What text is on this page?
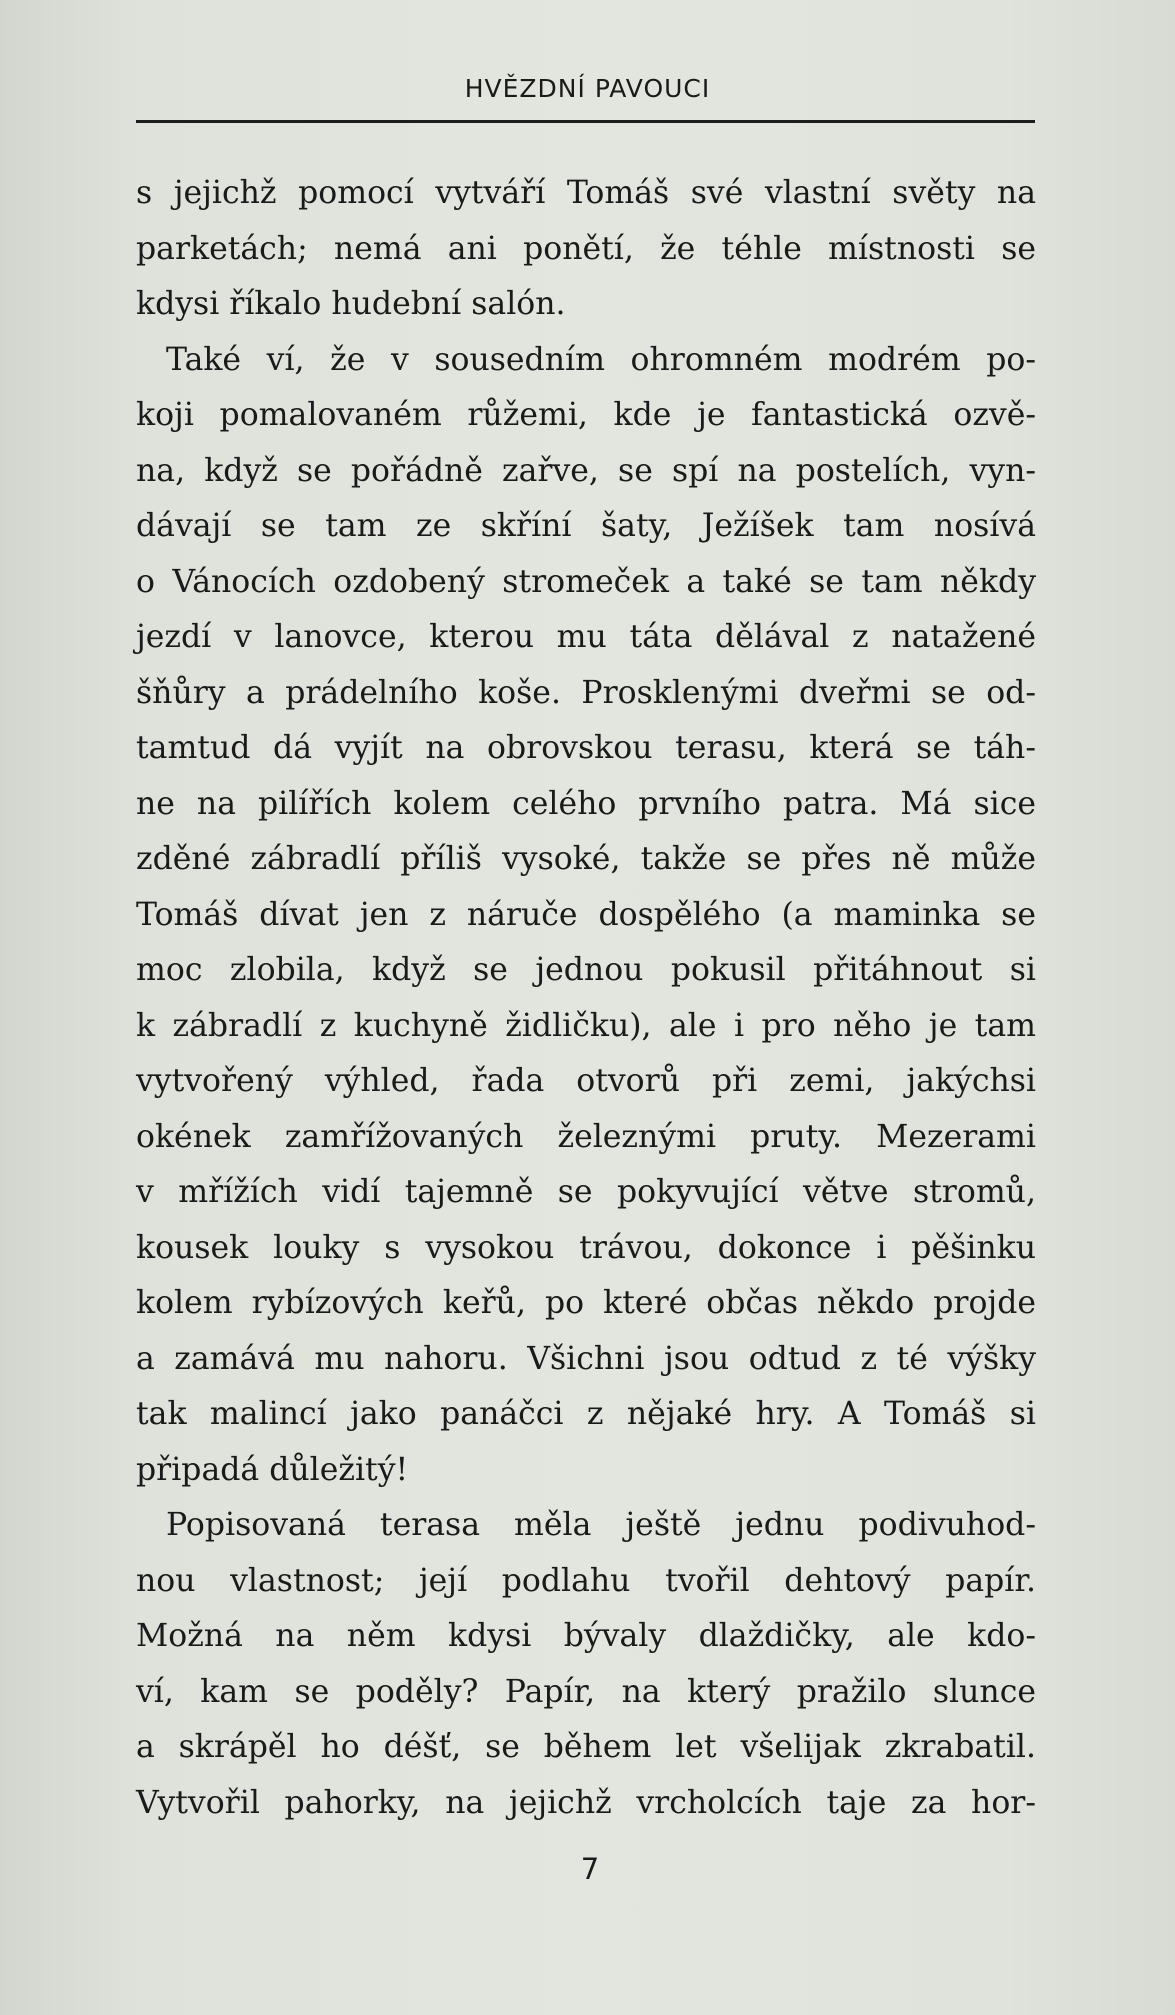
HVĚZDNÍ PAVOUCI

s jejichž pomocí vytváří Tomáš své vlastní světy na
parketách; nemá ani ponětí, že téhle místnosti se
kdysi říkalo hudební salón.

Také ví, že v sousedním ohromném modrém po-
koji pomalovaném růžemi, kde je fantastická ozvě-
na, když se pořádně zařve, se spí na postelích, vyn-
dávají se tam ze skříní šaty, Ježíšek tam nosívá
o Vánocích ozdobený stromeček a také se tam někdy
jezdí v lanovce, kterou mu táta dělával z natažené
šňůry a prádelního koše. Prosklenými dveřmi se od-
tamtud dá vyjít na obrovskou terasu, která se táh-
ne na pilířích kolem celého prvního patra. Má sice
zděné zábradlí příliš vysoké, takže se přes ně může
Tomáš dívat jen z náruče dospělého (a maminka se
moc zlobila, když se jednou pokusil přitáhnout si
k zábradlí z kuchyně židličku), ale i pro něho je tam
vytvořený výhled, řada otvorů při zemi, jakýchsi
okének zamřížovaných železnými pruty. Mezerami
v mřížích vidí tajemně se pokyvující větve stromů,
kousek louky s vysokou trávou, dokonce i pěšinku
kolem rybízových keřů, po které občas někdo projde
a zamává mu nahoru. Všichni jsou odtud z té výšky
tak malincí jako panáčci z nějaké hry. A Tomáš si
připadá důležitý!

Popisovaná terasa měla ještě jednu podivuhod-
nou vlastnost; její podlahu tvořil dehtový papír.
Možná na něm kdysi bývaly dlaždičky, ale kdo-
ví, kam se poděly? Papír, na který pražilo slunce
a skrápěl ho déšť, se během let všelijak zkrabatil.
Vytvořil pahorky, na jejichž vrcholcích taje za hor-

7
